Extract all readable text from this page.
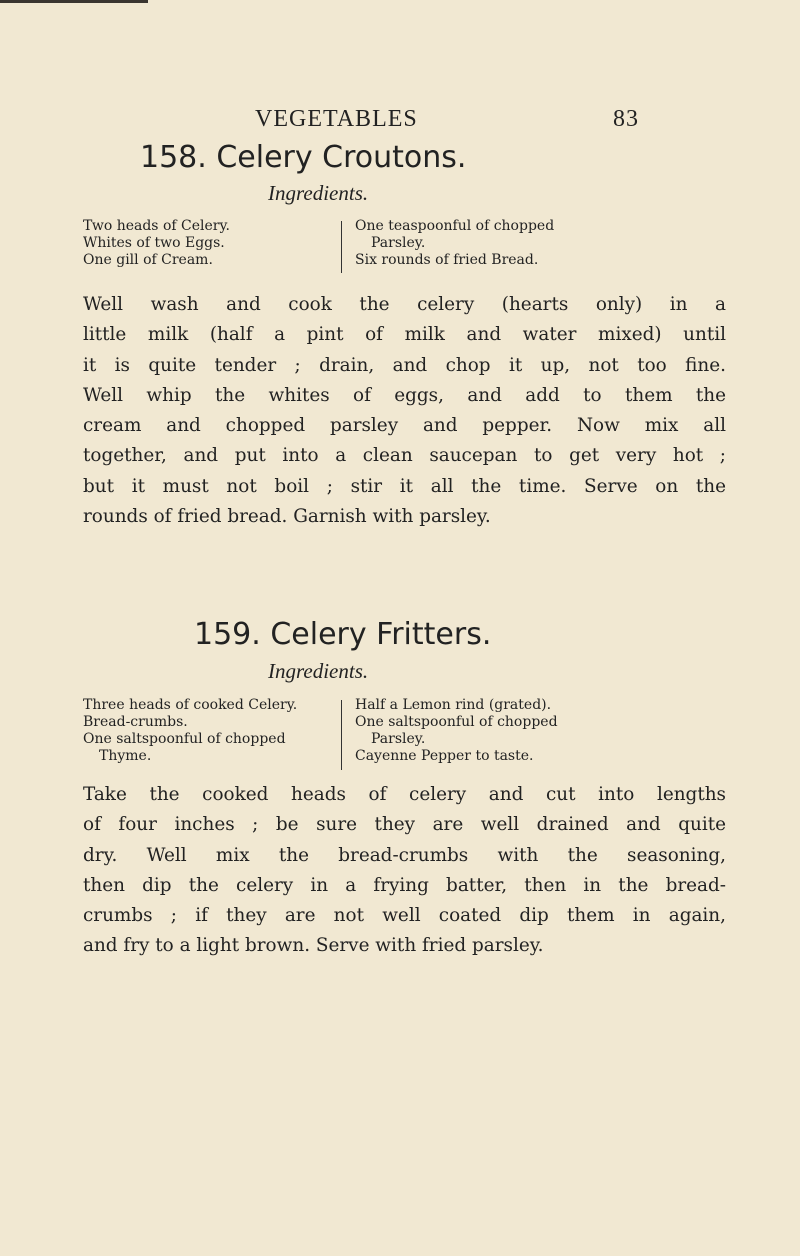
VEGETABLES	83
158. Celery Croutons.
Ingredients.
Two heads of Celery.
Whites of two Eggs.
One gill of Cream.
One teaspoonful of chopped
Parsley.
Six rounds of fried Bread.
Well wash and cook the celery (hearts only) in a
little milk (half a pint of milk and water mixed) until
it is quite tender ; drain, and chop it up, not too fine.
Well whip the whites of eggs, and add to them the
cream and chopped parsley and pepper. Now mix all
together, and put into a clean saucepan to get very hot ;
but it must not boil ; stir it all the time. Serve on the
rounds of fried bread. Garnish with parsley.
159. Celery Fritters.
Ingredients.
Three heads of cooked Celery.
Bread-crumbs.
One saltspoonful of chopped
Thyme.
Half a Lemon rind (grated).
One saltspoonful of chopped
Parsley.
Cayenne Pepper to taste.
Take the cooked heads of celery and cut into lengths
of four inches ; be sure they are well drained and quite
dry. Well mix the bread-crumbs with the seasoning,
then dip the celery in a frying batter, then in the bread-
crumbs ; if they are not well coated dip them in again,
and fry to a light brown. Serve with fried parsley.
